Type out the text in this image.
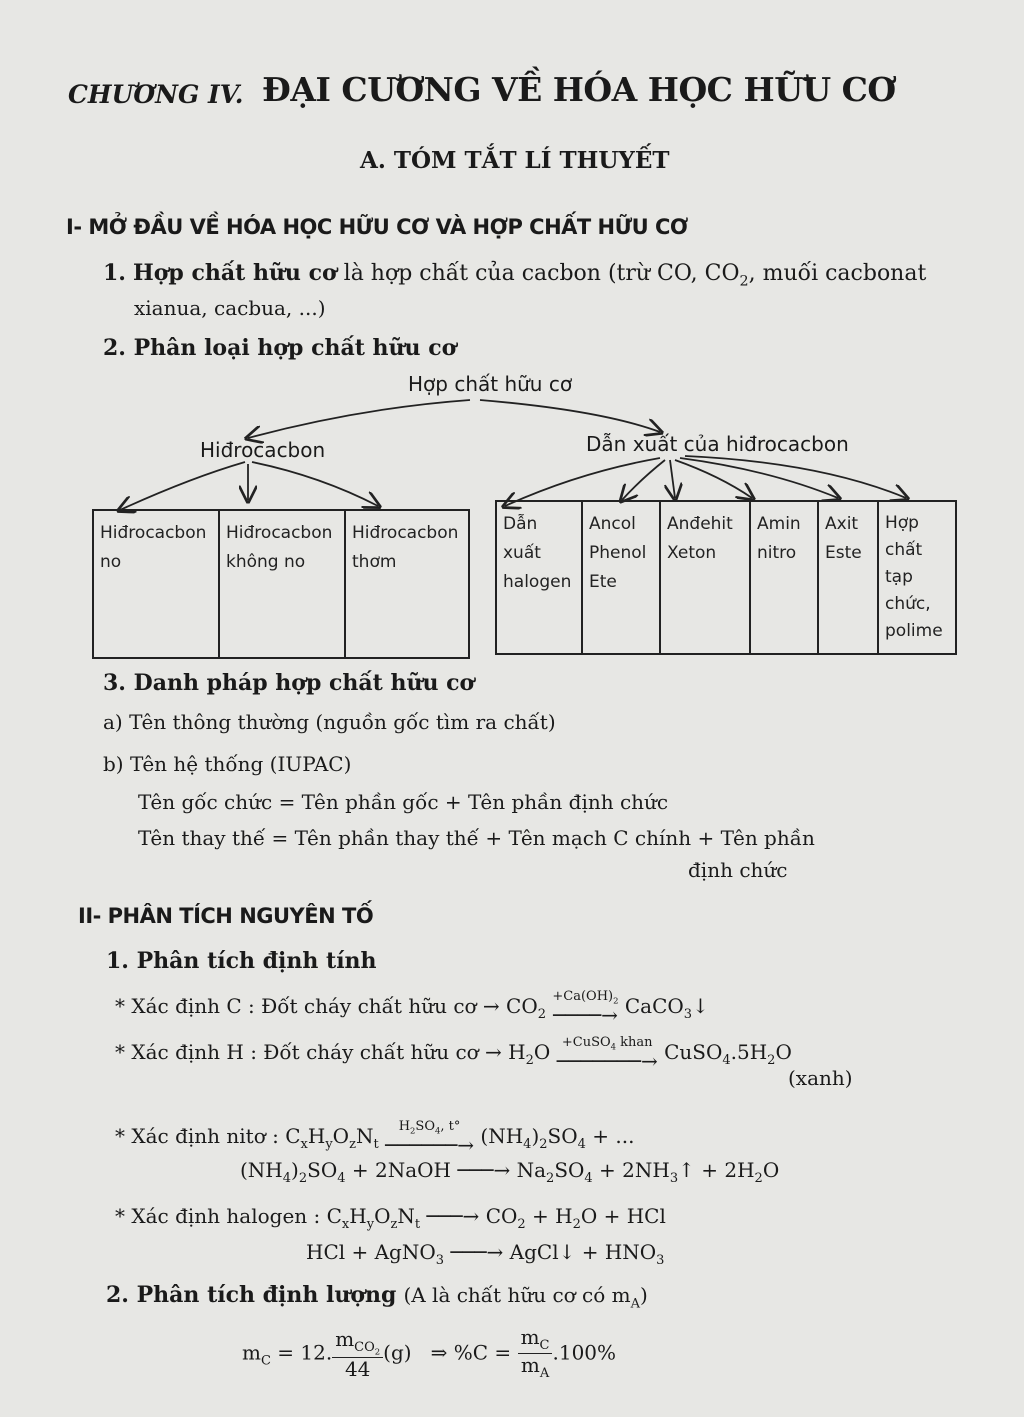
CHƯƠNG IV. ĐẠI CƯƠNG VỀ HÓA HỌC HỮU CƠ
A. TÓM TẮT LÍ THUYẾT
I- MỞ ĐẦU VỀ HÓA HỌC HỮU CƠ VÀ HỢP CHẤT HỮU CƠ
1. Hợp chất hữu cơ là hợp chất của cacbon (trừ CO, $CO_2$, muối cacbonat
xianua, cacbua, ...)
2. Phân loại hợp chất hữu cơ
Hợp chất hữu cơ
Hiđrocacbon	Dẫn xuất của hiđrocacbon
Hiđrocacbon
no
Hiđrocacbon
không no
Hiđrocacbon
thơm
Dẫn
xuất
halogen
Ancol
Phenol
Ete
Anđehit
Xeton
Amin
nitro
Axit
Este
Hợp
chất
tạp
chức,
polime
3. Danh pháp hợp chất hữu cơ
a) Tên thông thường (nguồn gốc tìm ra chất)
b) Tên hệ thống (IUPAC)
Tên gốc chức = Tên phần gốc + Tên phần định chức
Tên thay thế = Tên phần thay thế + Tên mạch C chính + Tên phần
định chức
II- PHÂN TÍCH NGUYÊN TỐ
1. Phân tích định tính
* Xác định C : Đốt cháy chất hữu cơ → $CO_2$
$+Ca(OH)_2$
────→ CaCO$_3$↓
* Xác định H : Đốt cháy chất hữu cơ → $H_2O$ +CuSO$_4$ khan
───────→ $CuSO_4.5H_2O$
(xanh)
* Xác định nitơ : $C_xH_yO_zN_t$
$H_2SO_4$, t°
──────→ $(NH_4)_2SO_4$ + ...
$(NH_4)_2SO_4$ + 2NaOH ───→ $Na_2SO_4$ + $2NH_3↑ + 2H_2O$
* Xác định halogen : $C_xH_yO_zN_t$ ───→ $CO_2 + H_2O$ + HCl
HCl + AgNO$_3$ ───→ AgCl↓ + $HNO_3$
2. Phân tích định lượng (A là chất hữu cơ có $m_A$)
$m_C = 12$. $\frac{m_{CO_2}}{44} (g)$ ⇒ $\%C = \frac{m_C}{m_A} .100\%$
